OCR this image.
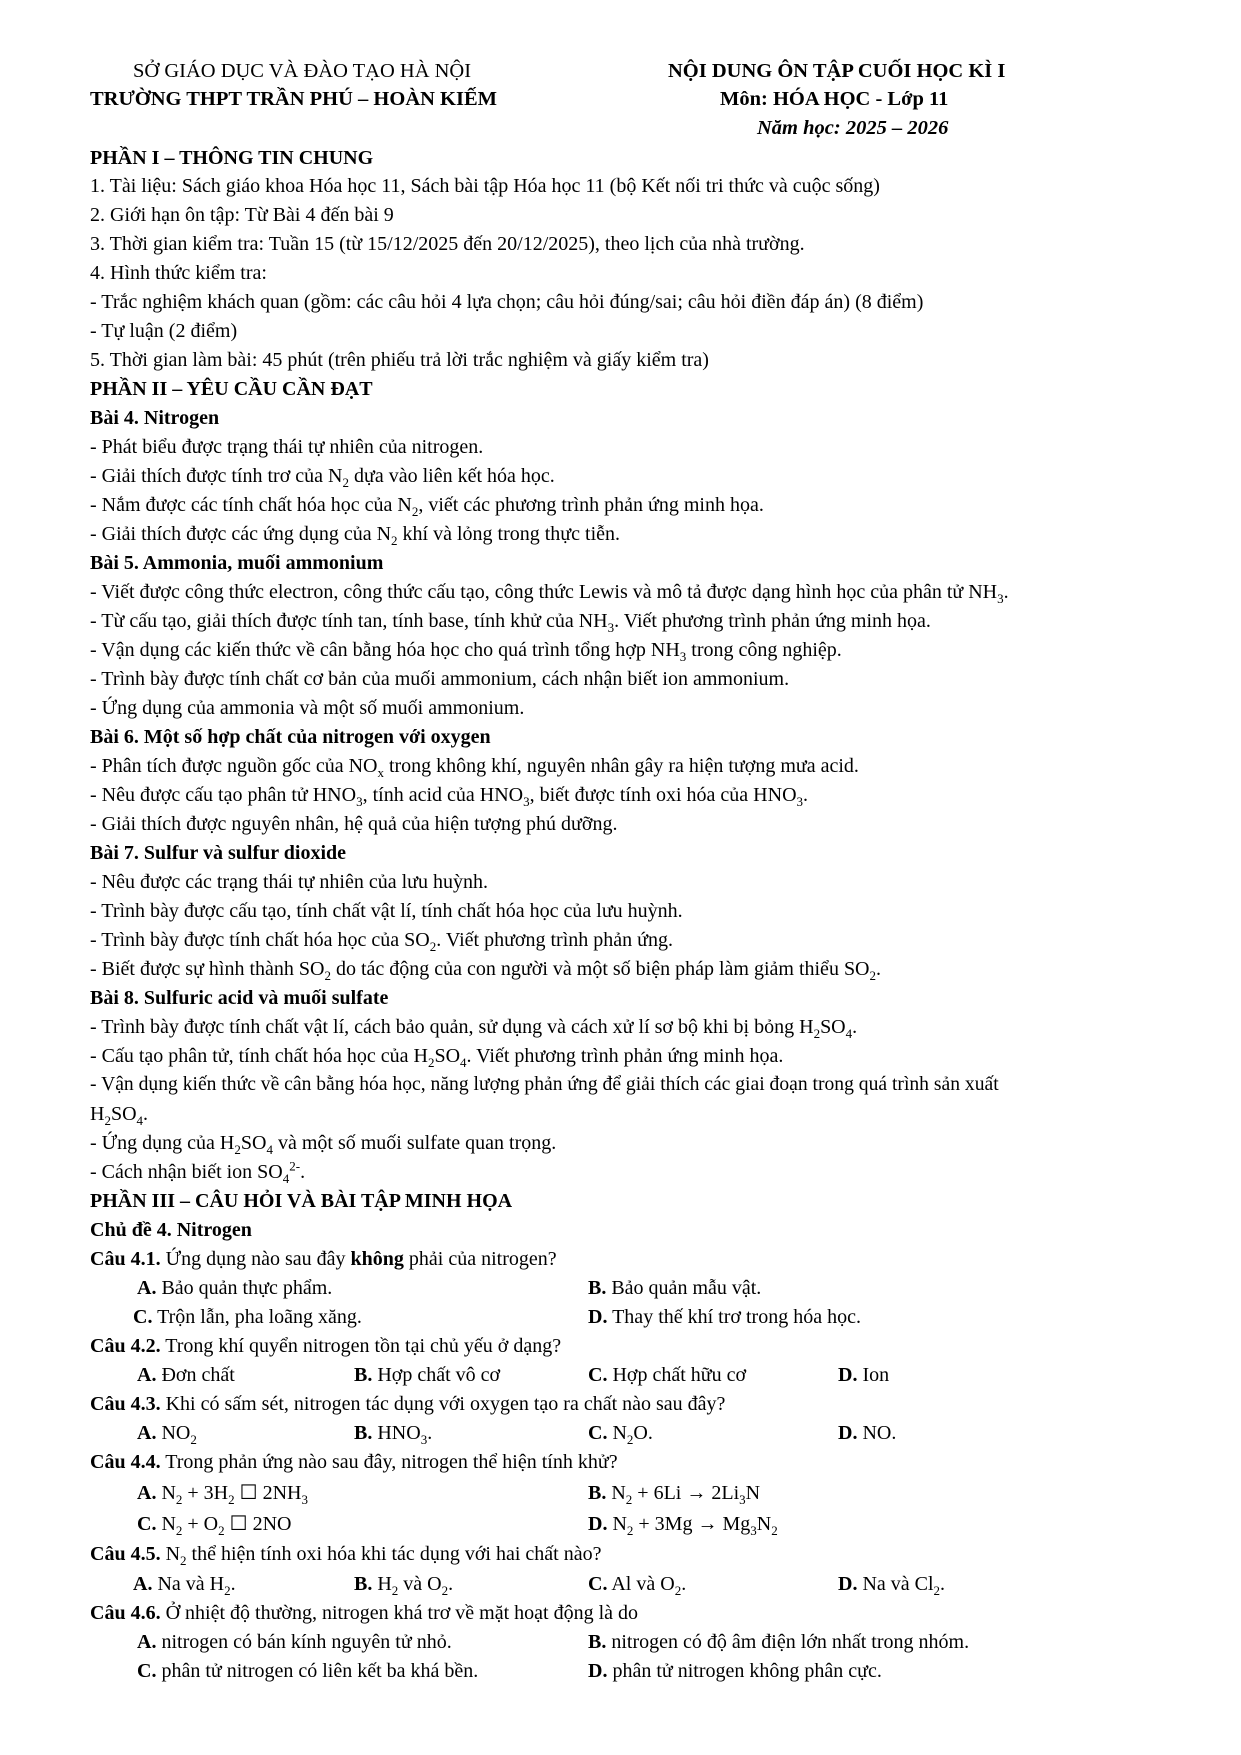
SỞ GIÁO DỤC VÀ ĐÀO TẠO HÀ NỘI
TRƯỜNG THPT TRẦN PHÚ – HOÀN KIẾM
NỘI DUNG ÔN TẬP CUỐI HỌC KÌ I
Môn: HÓA HỌC - Lớp 11
Năm học: 2025 – 2026
PHẦN I – THÔNG TIN CHUNG
1. Tài liệu: Sách giáo khoa Hóa học 11, Sách bài tập Hóa học 11 (bộ Kết nối tri thức và cuộc sống)
2. Giới hạn ôn tập: Từ Bài 4 đến bài 9
3. Thời gian kiểm tra: Tuần 15 (từ 15/12/2025 đến 20/12/2025), theo lịch của nhà trường.
4. Hình thức kiểm tra:
- Trắc nghiệm khách quan (gồm: các câu hỏi 4 lựa chọn; câu hỏi đúng/sai; câu hỏi điền đáp án) (8 điểm)
- Tự luận (2 điểm)
5. Thời gian làm bài: 45 phút (trên phiếu trả lời trắc nghiệm và giấy kiểm tra)
PHẦN II – YÊU CẦU CẦN ĐẠT
Bài 4. Nitrogen
- Phát biểu được trạng thái tự nhiên của nitrogen.
- Giải thích được tính trơ của $N_2$ dựa vào liên kết hóa học.
- Nắm được các tính chất hóa học của $N_2$, viết các phương trình phản ứng minh họa.
- Giải thích được các ứng dụng của $N_2$ khí và lỏng trong thực tiễn.
Bài 5. Ammonia, muối ammonium
- Viết được công thức electron, công thức cấu tạo, công thức Lewis và mô tả được dạng hình học của phân tử $NH_3$.
- Từ cấu tạo, giải thích được tính tan, tính base, tính khử của $NH_3$. Viết phương trình phản ứng minh họa.
- Vận dụng các kiến thức về cân bằng hóa học cho quá trình tổng hợp $NH_3$ trong công nghiệp.
- Trình bày được tính chất cơ bản của muối ammonium, cách nhận biết ion ammonium.
- Ứng dụng của ammonia và một số muối ammonium.
Bài 6. Một số hợp chất của nitrogen với oxygen
- Phân tích được nguồn gốc của $NO_x$ trong không khí, nguyên nhân gây ra hiện tượng mưa acid.
- Nêu được cấu tạo phân tử $HNO_3$, tính acid của $HNO_3$, biết được tính oxi hóa của $HNO_3$.
- Giải thích được nguyên nhân, hệ quả của hiện tượng phú dưỡng.
Bài 7. Sulfur và sulfur dioxide
- Nêu được các trạng thái tự nhiên của lưu huỳnh.
- Trình bày được cấu tạo, tính chất vật lí, tính chất hóa học của lưu huỳnh.
- Trình bày được tính chất hóa học của $SO_2$. Viết phương trình phản ứng.
- Biết được sự hình thành $SO_2$ do tác động của con người và một số biện pháp làm giảm thiểu $SO_2$.
Bài 8. Sulfuric acid và muối sulfate
- Trình bày được tính chất vật lí, cách bảo quản, sử dụng và cách xử lí sơ bộ khi bị bỏng $H_2SO_4$.
- Cấu tạo phân tử, tính chất hóa học của $H_2SO_4$. Viết phương trình phản ứng minh họa.
- Vận dụng kiến thức về cân bằng hóa học, năng lượng phản ứng để giải thích các giai đoạn trong quá trình sản xuất
$H_2SO_4$.
- Ứng dụng của $H_2SO_4$ và một số muối sulfate quan trọng.
- Cách nhận biết ion $SO_4^{2-}$.
PHẦN III – CÂU HỎI VÀ BÀI TẬP MINH HỌA
Chủ đề 4. Nitrogen
Câu 4.1. Ứng dụng nào sau đây không phải của nitrogen?
A. Bảo quản thực phẩm.	B. Bảo quản mẫu vật.
C. Trộn lẫn, pha loãng xăng.	D. Thay thế khí trơ trong hóa học.
Câu 4.2. Trong khí quyển nitrogen tồn tại chủ yếu ở dạng?
A. Đơn chất	B. Hợp chất vô cơ	C. Hợp chất hữu cơ	D. Ion
Câu 4.3. Khi có sấm sét, nitrogen tác dụng với oxygen tạo ra chất nào sau đây?
A. $NO_2$	B. $HNO_3$.	C. $N_2O$.	D. NO.
Câu 4.4. Trong phản ứng nào sau đây, nitrogen thể hiện tính khử?
A. $N_2 + 3H_2$ ☐ $2NH_3$	B. $N_2 + 6Li \to 2Li_3N$
C. $N_2 + O_2$ ☐ 2NO	D. $N_2 + 3Mg \to Mg_3N_2$
Câu 4.5. $N_2$ thể hiện tính oxi hóa khi tác dụng với hai chất nào?
A. Na và $H_2$.	B. $H_2$ và $O_2$.	C. Al và $O_2$.	D. Na và $Cl_2$.
Câu 4.6. Ở nhiệt độ thường, nitrogen khá trơ về mặt hoạt động là do
A. nitrogen có bán kính nguyên tử nhỏ.	B. nitrogen có độ âm điện lớn nhất trong nhóm.
C. phân tử nitrogen có liên kết ba khá bền.	D. phân tử nitrogen không phân cực.
